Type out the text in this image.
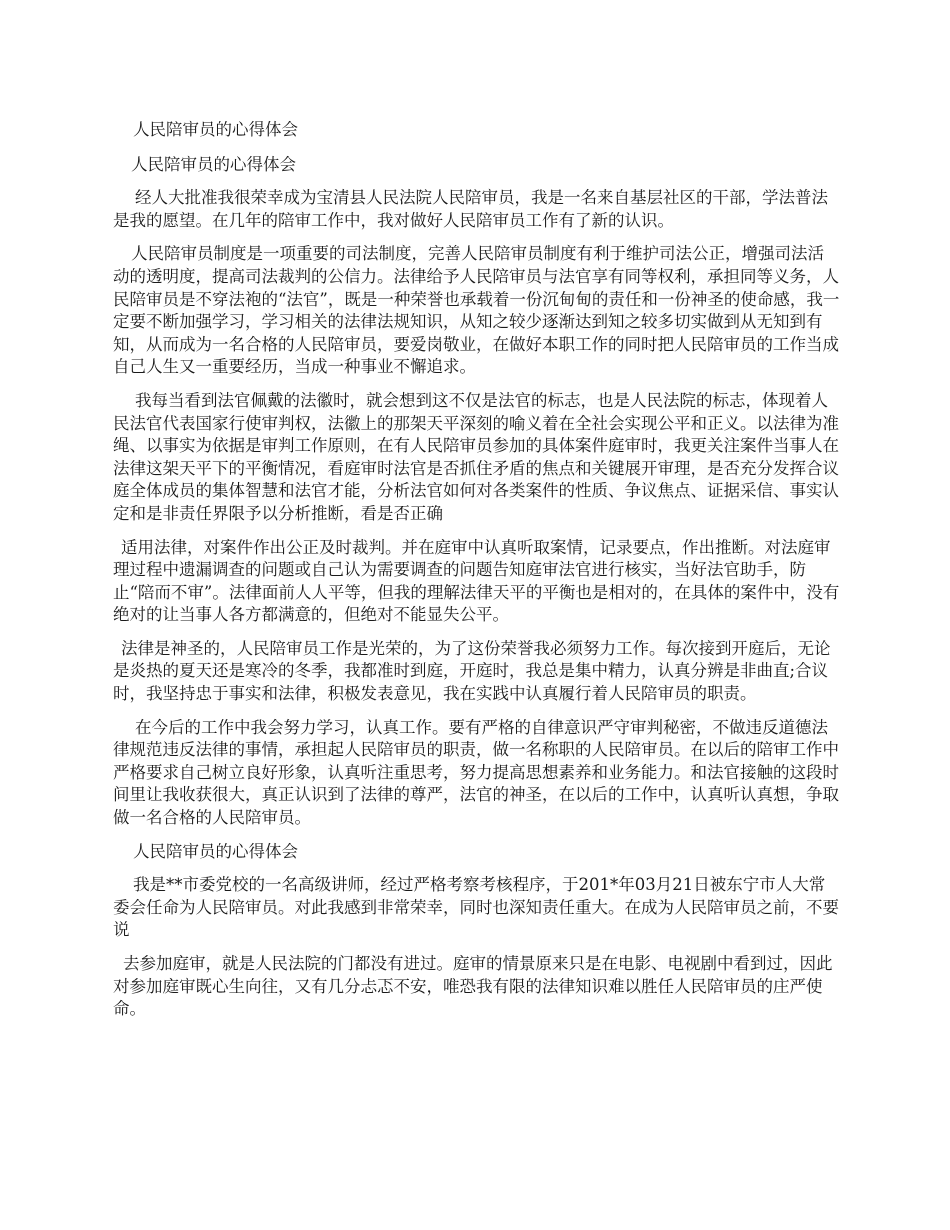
人民陪审员的心得体会
人民陪审员的心得体会

经人大批准我很荣幸成为宝清县人民法院人民陪审员，我是一名来自基层社区的干部，学法普法是我的愿望。在几年的陪审工作中，我对做好人民陪审员工作有了新的认识。

人民陪审员制度是一项重要的司法制度，完善人民陪审员制度有利于维护司法公正，增强司法活动的透明度，提高司法裁判的公信力。法律给予人民陪审员与法官享有同等权利，承担同等义务，人民陪审员是不穿法袍的“法官”，既是一种荣誉也承载着一份沉甸甸的责任和一份神圣的使命感，我一定要不断加强学习，学习相关的法律法规知识，从知之较少逐渐达到知之较多切实做到从无知到有知，从而成为一名合格的人民陪审员，要爱岗敬业，在做好本职工作的同时把人民陪审员的工作当成自己人生又一重要经历，当成一种事业不懈追求。

我每当看到法官佩戴的法徽时，就会想到这不仅是法官的标志，也是人民法院的标志，体现着人民法官代表国家行使审判权，法徽上的那架天平深刻的喻义着在全社会实现公平和正义。以法律为准绳、以事实为依据是审判工作原则，在有人民陪审员参加的具体案件庭审时，我更关注案件当事人在法律这架天平下的平衡情况，看庭审时法官是否抓住矛盾的焦点和关键展开审理，是否充分发挥合议庭全体成员的集体智慧和法官才能，分析法官如何对各类案件的性质、争议焦点、证据采信、事实认定和是非责任界限予以分析推断，看是否正确

适用法律，对案件作出公正及时裁判。并在庭审中认真听取案情，记录要点，作出推断。对法庭审理过程中遗漏调查的问题或自己认为需要调查的问题告知庭审法官进行核实，当好法官助手，防止“陪而不审”。法律面前人人平等，但我的理解法律天平的平衡也是相对的，在具体的案件中，没有绝对的让当事人各方都满意的，但绝对不能显失公平。

法律是神圣的，人民陪审员工作是光荣的，为了这份荣誉我必须努力工作。每次接到开庭后，无论是炎热的夏天还是寒冷的冬季，我都准时到庭，开庭时，我总是集中精力，认真分辨是非曲直;合议时，我坚持忠于事实和法律，积极发表意见，我在实践中认真履行着人民陪审员的职责。

在今后的工作中我会努力学习，认真工作。要有严格的自律意识严守审判秘密，不做违反道德法律规范违反法律的事情，承担起人民陪审员的职责，做一名称职的人民陪审员。在以后的陪审工作中严格要求自己树立良好形象，认真听注重思考，努力提高思想素养和业务能力。和法官接触的这段时间里让我收获很大，真正认识到了法律的尊严，法官的神圣，在以后的工作中，认真听认真想，争取做一名合格的人民陪审员。

人民陪审员的心得体会

我是**市委党校的一名高级讲师，经过严格考察考核程序，于201*年03月21日被东宁市人大常委会任命为人民陪审员。对此我感到非常荣幸，同时也深知责任重大。在成为人民陪审员之前，不要说

去参加庭审，就是人民法院的门都没有进过。庭审的情景原来只是在电影、电视剧中看到过，因此对参加庭审既心生向往，又有几分忐忑不安，唯恐我有限的法律知识难以胜任人民陪审员的庄严使命。
